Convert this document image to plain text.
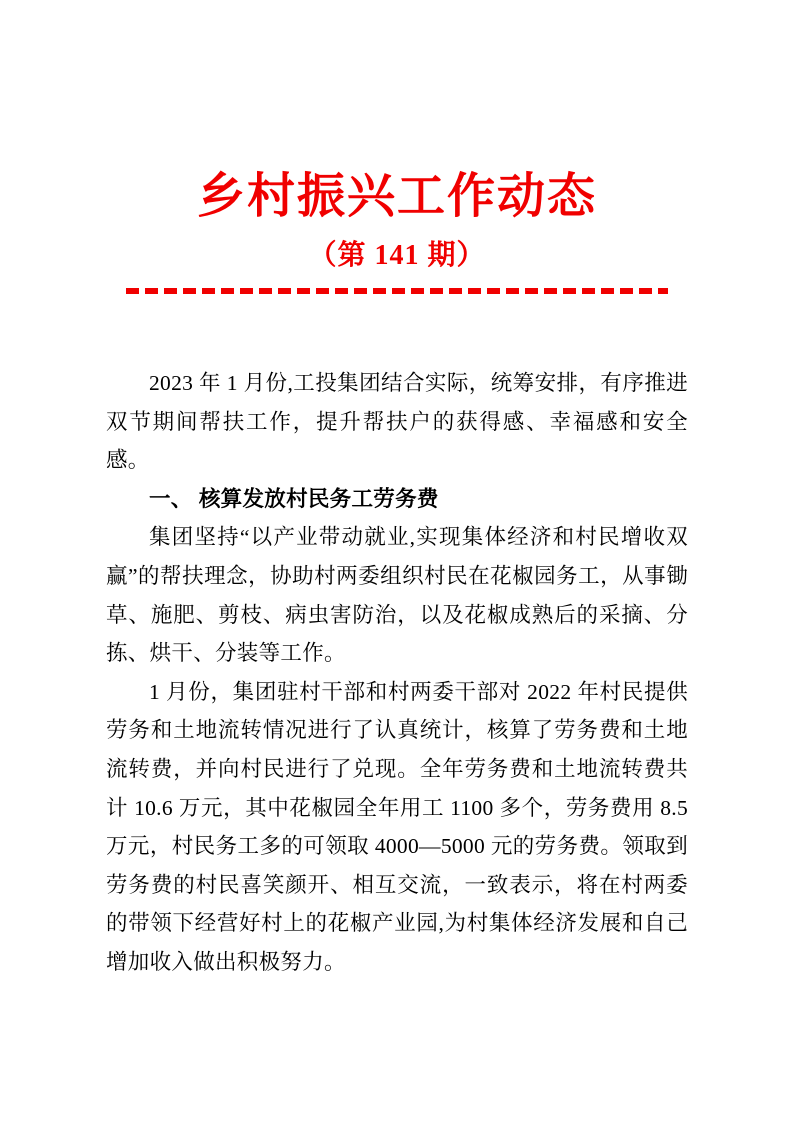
乡村振兴工作动态
（第 141 期）

2023 年 1 月份,工投集团结合实际，统筹安排，有序推进双节期间帮扶工作，提升帮扶户的获得感、幸福感和安全感。

一、 核算发放村民务工劳务费

集团坚持“以产业带动就业,实现集体经济和村民增收双赢”的帮扶理念，协助村两委组织村民在花椒园务工，从事锄草、施肥、剪枝、病虫害防治，以及花椒成熟后的采摘、分拣、烘干、分装等工作。

1 月份，集团驻村干部和村两委干部对 2022 年村民提供劳务和土地流转情况进行了认真统计，核算了劳务费和土地流转费，并向村民进行了兑现。全年劳务费和土地流转费共计 10.6 万元，其中花椒园全年用工 1100 多个，劳务费用 8.5 万元，村民务工多的可领取 4000—5000 元的劳务费。领取到劳务费的村民喜笑颜开、相互交流，一致表示，将在村两委的带领下经营好村上的花椒产业园,为村集体经济发展和自己增加收入做出积极努力。
